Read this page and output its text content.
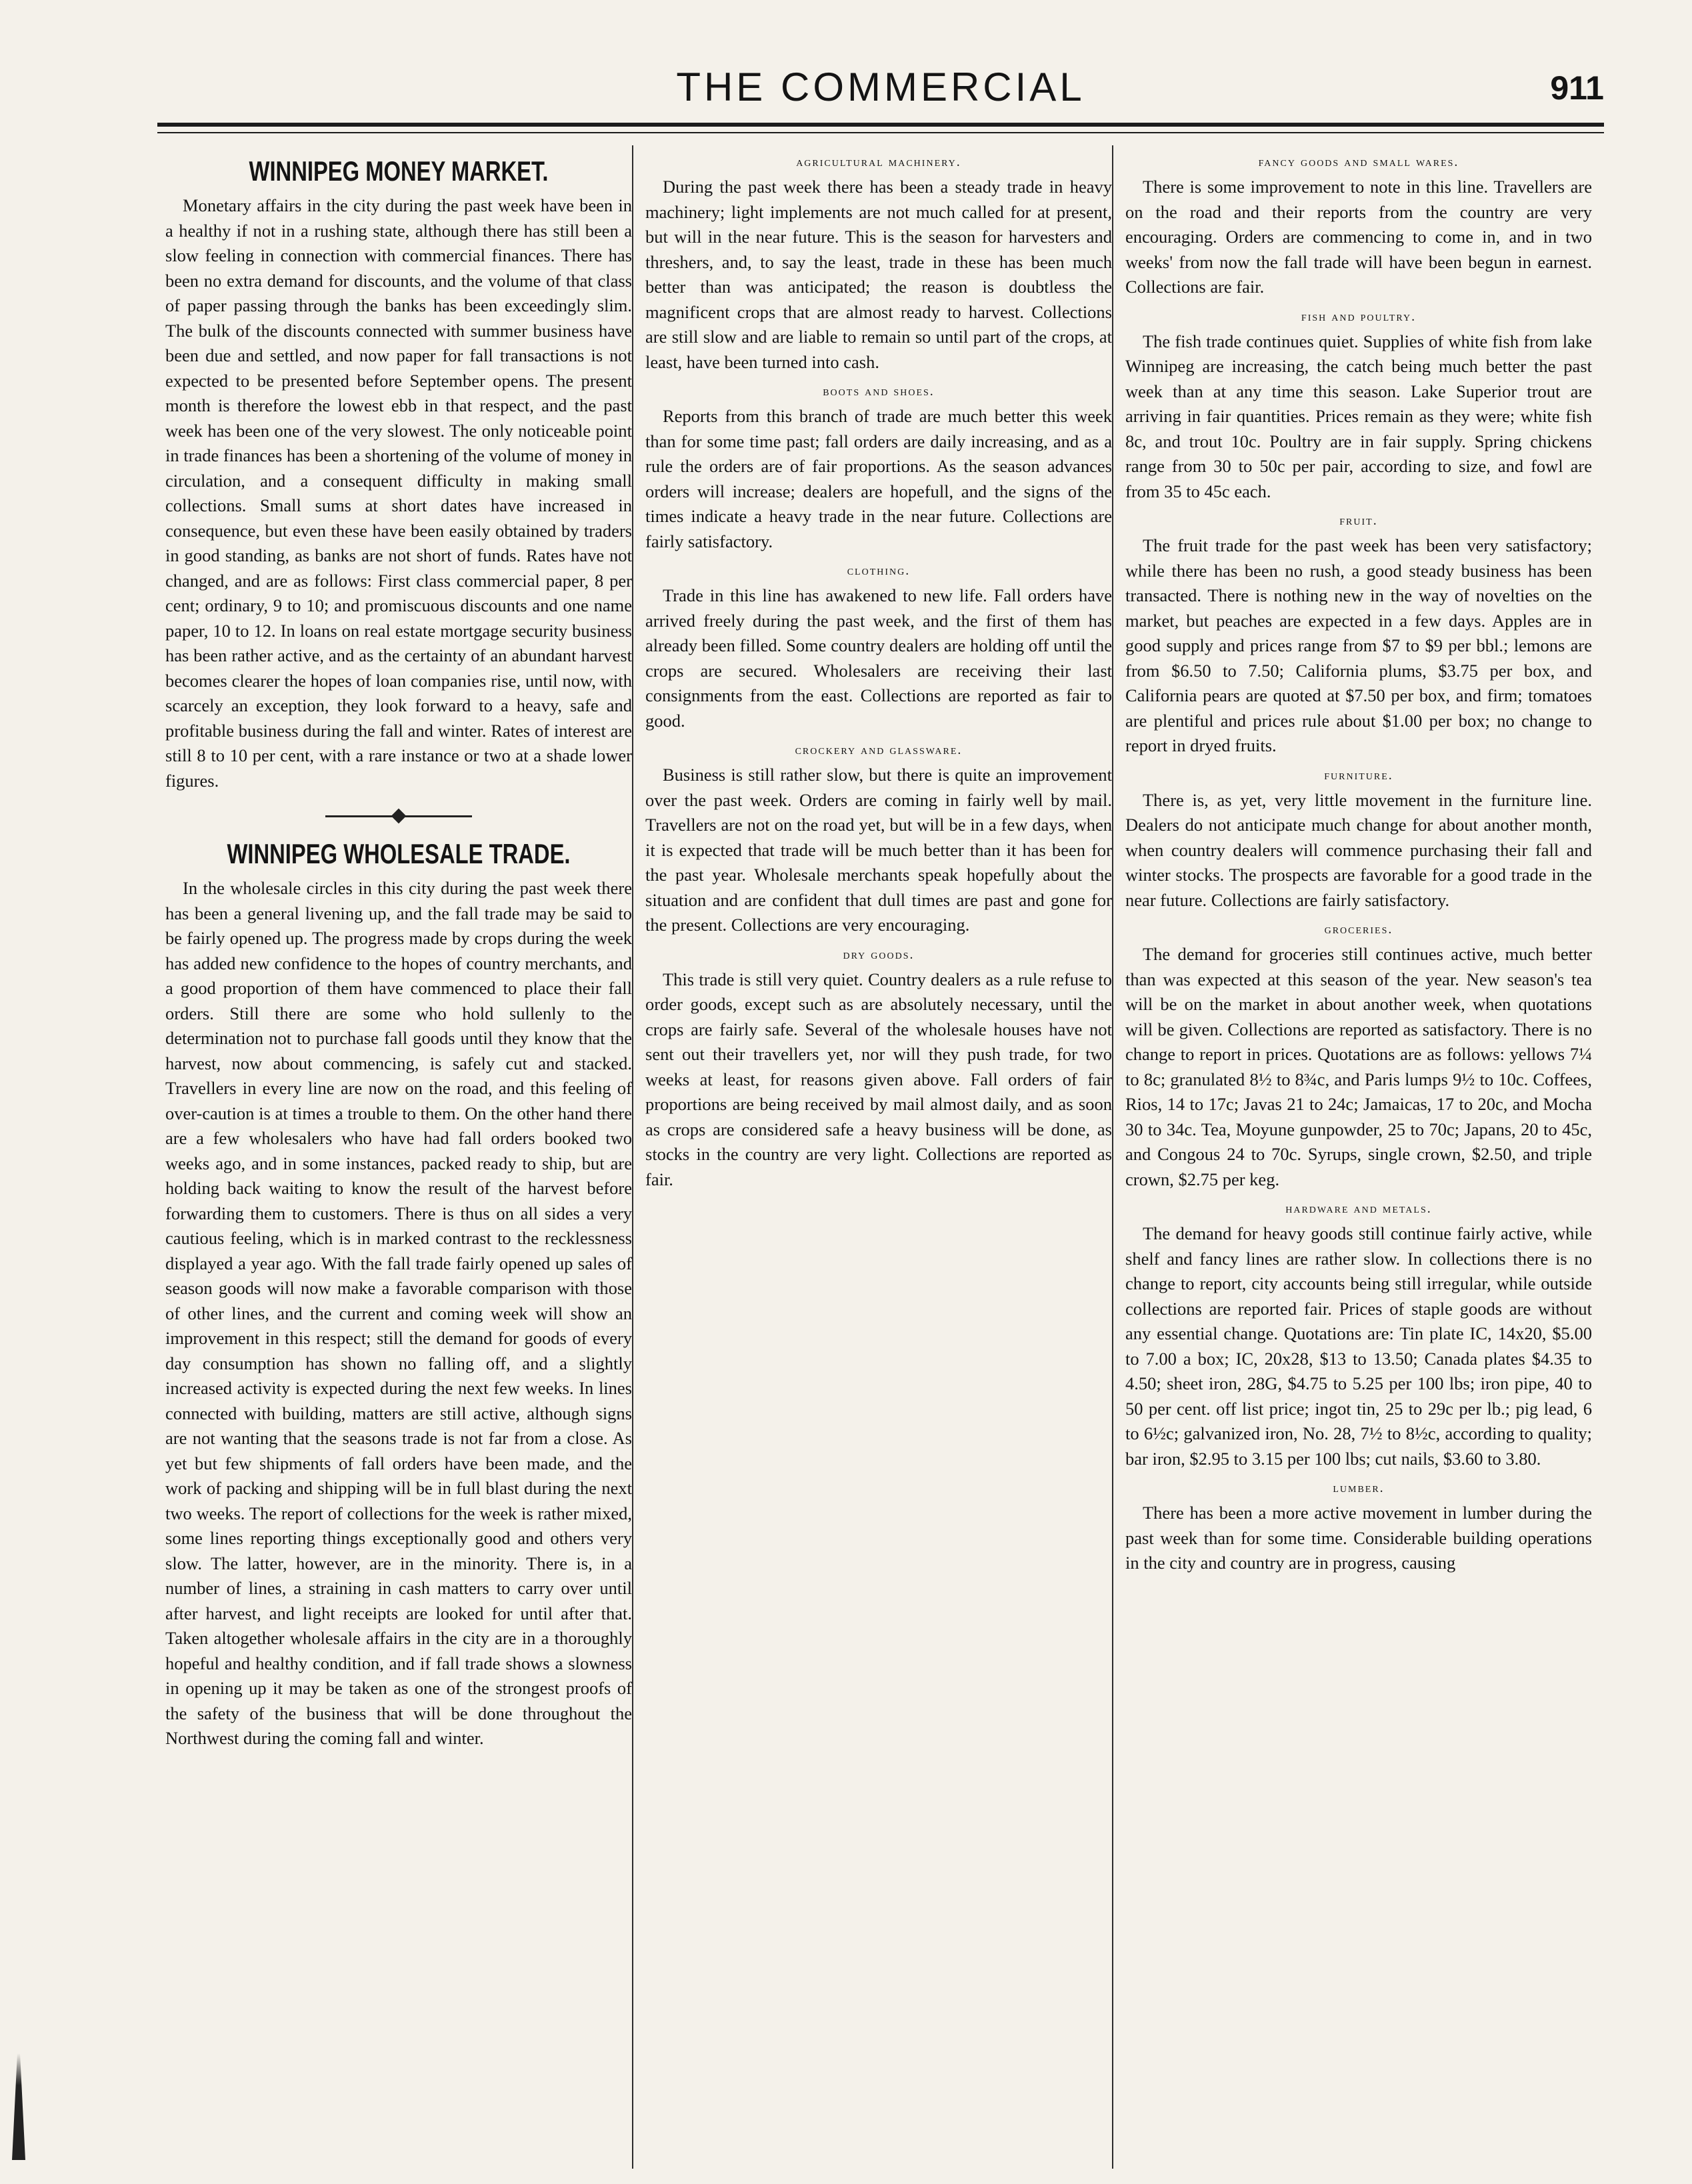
THE COMMERCIAL	911
WINNIPEG MONEY MARKET.

Monetary affairs in the city during the past week have been in a healthy if not in a rushing state, although there has still been a slow feeling in connection with commercial finances. There has been no extra demand for discounts, and the volume of that class of paper passing through the banks has been exceedingly slim. The bulk of the discounts connected with summer business have been due and settled, and now paper for fall transactions is not expected to be presented before September opens. The present month is therefore the lowest ebb in that respect, and the past week has been one of the very slowest. The only noticeable point in trade finances has been a shortening of the volume of money in circulation, and a consequent difficulty in making small collections. Small sums at short dates have increased in consequence, but even these have been easily obtained by traders in good standing, as banks are not short of funds. Rates have not changed, and are as follows: First class commercial paper, 8 per cent; ordinary, 9 to 10; and promiscuous discounts and one name paper, 10 to 12. In loans on real estate mortgage security business has been rather active, and as the certainty of an abundant harvest becomes clearer the hopes of loan companies rise, until now, with scarcely an exception, they look forward to a heavy, safe and profitable business during the fall and winter. Rates of interest are still 8 to 10 per cent, with a rare instance or two at a shade lower figures.

WINNIPEG WHOLESALE TRADE.

In the wholesale circles in this city during the past week there has been a general livening up, and the fall trade may be said to be fairly opened up. The progress made by crops during the week has added new confidence to the hopes of country merchants, and a good proportion of them have commenced to place their fall orders. Still there are some who hold sullenly to the determination not to purchase fall goods until they know that the harvest, now about commencing, is safely cut and stacked. Travellers in every line are now on the road, and this feeling of over-caution is at times a trouble to them. On the other hand there are a few wholesalers who have had fall orders booked two weeks ago, and in some instances, packed ready to ship, but are holding back waiting to know the result of the harvest before forwarding them to customers. There is thus on all sides a very cautious feeling, which is in marked contrast to the recklessness displayed a year ago. With the fall trade fairly opened up sales of season goods will now make a favorable comparison with those of other lines, and the current and coming week will show an improvement in this respect; still the demand for goods of every day consumption has shown no falling off, and a slightly increased activity is expected during the next few weeks. In lines connected with building, matters are still active, although signs are not wanting that the seasons trade is not far from a close. As yet but few shipments of fall orders have been made, and the work of packing and shipping will be in full blast during the next two weeks. The report of collections for the week is rather mixed, some lines reporting things exceptionally good and others very slow. The latter, however, are in the minority. There is, in a number of lines, a straining in cash matters to carry over until after harvest, and light receipts are looked for until after that. Taken altogether wholesale affairs in the city are in a thoroughly hopeful and healthy condition, and if fall trade shows a slowness in opening up it may be taken as one of the strongest proofs of the safety of the business that will be done throughout the Northwest during the coming fall and winter.

agricultural machinery.

During the past week there has been a steady trade in heavy machinery; light implements are not much called for at present, but will in the near future. This is the season for harvesters and threshers, and, to say the least, trade in these has been much better than was anticipated; the reason is doubtless the magnificent crops that are almost ready to harvest. Collections are still slow and are liable to remain so until part of the crops, at least, have been turned into cash.

boots and shoes.

Reports from this branch of trade are much better this week than for some time past; fall orders are daily increasing, and as a rule the orders are of fair proportions. As the season advances orders will increase; dealers are hopefull, and the signs of the times indicate a heavy trade in the near future. Collections are fairly satisfactory.

clothing.

Trade in this line has awakened to new life. Fall orders have arrived freely during the past week, and the first of them has already been filled. Some country dealers are holding off until the crops are secured. Wholesalers are receiving their last consignments from the east. Collections are reported as fair to good.

crockery and glassware.

Business is still rather slow, but there is quite an improvement over the past week. Orders are coming in fairly well by mail. Travellers are not on the road yet, but will be in a few days, when it is expected that trade will be much better than it has been for the past year. Wholesale merchants speak hopefully about the situation and are confident that dull times are past and gone for the present. Collections are very encouraging.

dry goods.

This trade is still very quiet. Country dealers as a rule refuse to order goods, except such as are absolutely necessary, until the crops are fairly safe. Several of the wholesale houses have not sent out their travellers yet, nor will they push trade, for two weeks at least, for reasons given above. Fall orders of fair proportions are being received by mail almost daily, and as soon as crops are considered safe a heavy business will be done, as stocks in the country are very light. Collections are reported as fair.

fancy goods and small wares.

There is some improvement to note in this line. Travellers are on the road and their reports from the country are very encouraging. Orders are commencing to come in, and in two weeks' from now the fall trade will have been begun in earnest. Collections are fair.

fish and poultry.

The fish trade continues quiet. Supplies of white fish from lake Winnipeg are increasing, the catch being much better the past week than at any time this season. Lake Superior trout are arriving in fair quantities. Prices remain as they were; white fish 8c, and trout 10c. Poultry are in fair supply. Spring chickens range from 30 to 50c per pair, according to size, and fowl are from 35 to 45c each.

fruit.

The fruit trade for the past week has been very satisfactory; while there has been no rush, a good steady business has been transacted. There is nothing new in the way of novelties on the market, but peaches are expected in a few days. Apples are in good supply and prices range from $7 to $9 per bbl.; lemons are from $6.50 to 7.50; California plums, $3.75 per box, and California pears are quoted at $7.50 per box, and firm; tomatoes are plentiful and prices rule about $1.00 per box; no change to report in dryed fruits.

furniture.

There is, as yet, very little movement in the furniture line. Dealers do not anticipate much change for about another month, when country dealers will commence purchasing their fall and winter stocks. The prospects are favorable for a good trade in the near future. Collections are fairly satisfactory.

groceries.

The demand for groceries still continues active, much better than was expected at this season of the year. New season's tea will be on the market in about another week, when quotations will be given. Collections are reported as satisfactory. There is no change to report in prices. Quotations are as follows: yellows 7¼ to 8c; granulated 8½ to 8¾c, and Paris lumps 9½ to 10c. Coffees, Rios, 14 to 17c; Javas 21 to 24c; Jamaicas, 17 to 20c, and Mocha 30 to 34c. Tea, Moyune gunpowder, 25 to 70c; Japans, 20 to 45c, and Congous 24 to 70c. Syrups, single crown, $2.50, and triple crown, $2.75 per keg.

hardware and metals.

The demand for heavy goods still continue fairly active, while shelf and fancy lines are rather slow. In collections there is no change to report, city accounts being still irregular, while outside collections are reported fair. Prices of staple goods are without any essential change. Quotations are: Tin plate IC, 14x20, $5.00 to 7.00 a box; IC, 20x28, $13 to 13.50; Canada plates $4.35 to 4.50; sheet iron, 28G, $4.75 to 5.25 per 100 lbs; iron pipe, 40 to 50 per cent. off list price; ingot tin, 25 to 29c per lb.; pig lead, 6 to 6½c; galvanized iron, No. 28, 7½ to 8½c, according to quality; bar iron, $2.95 to 3.15 per 100 lbs; cut nails, $3.60 to 3.80.

lumber.

There has been a more active movement in lumber during the past week than for some time. Considerable building operations in the city and country are in progress, causing
